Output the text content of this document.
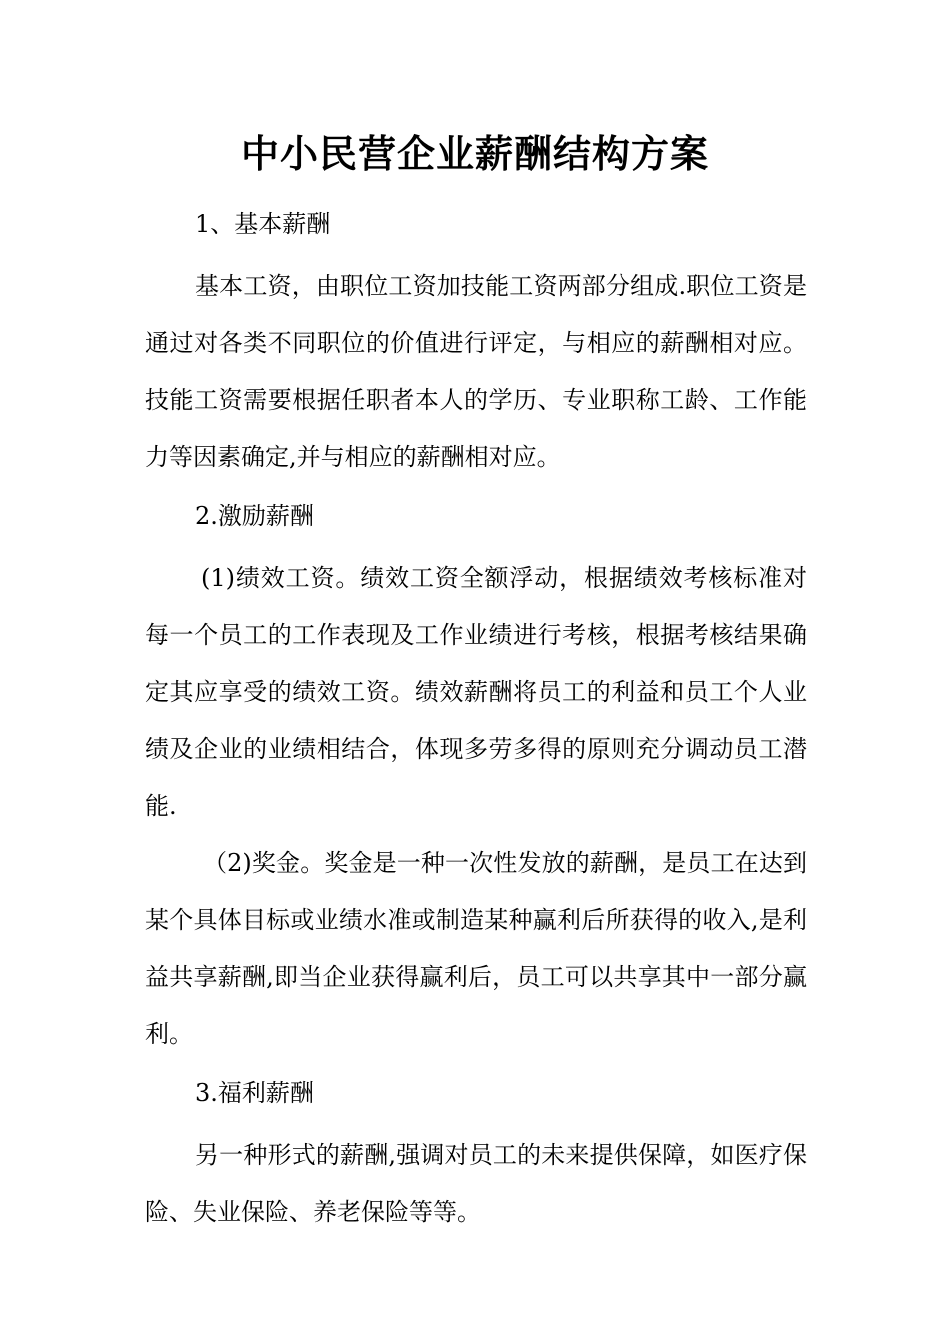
中小民营企业薪酬结构方案
1、基本薪酬

基本工资，由职位工资加技能工资两部分组成.职位工资是通过对各类不同职位的价值进行评定，与相应的薪酬相对应。技能工资需要根据任职者本人的学历、专业职称工龄、工作能力等因素确定,并与相应的薪酬相对应。

2.激励薪酬

(1)绩效工资。绩效工资全额浮动，根据绩效考核标准对每一个员工的工作表现及工作业绩进行考核，根据考核结果确定其应享受的绩效工资。绩效薪酬将员工的利益和员工个人业绩及企业的业绩相结合，体现多劳多得的原则充分调动员工潜能.

（2)奖金。奖金是一种一次性发放的薪酬，是员工在达到某个具体目标或业绩水准或制造某种赢利后所获得的收入,是利益共享薪酬,即当企业获得赢利后，员工可以共享其中一部分赢利。

3.福利薪酬

另一种形式的薪酬,强调对员工的未来提供保障，如医疗保险、失业保险、养老保险等等。
